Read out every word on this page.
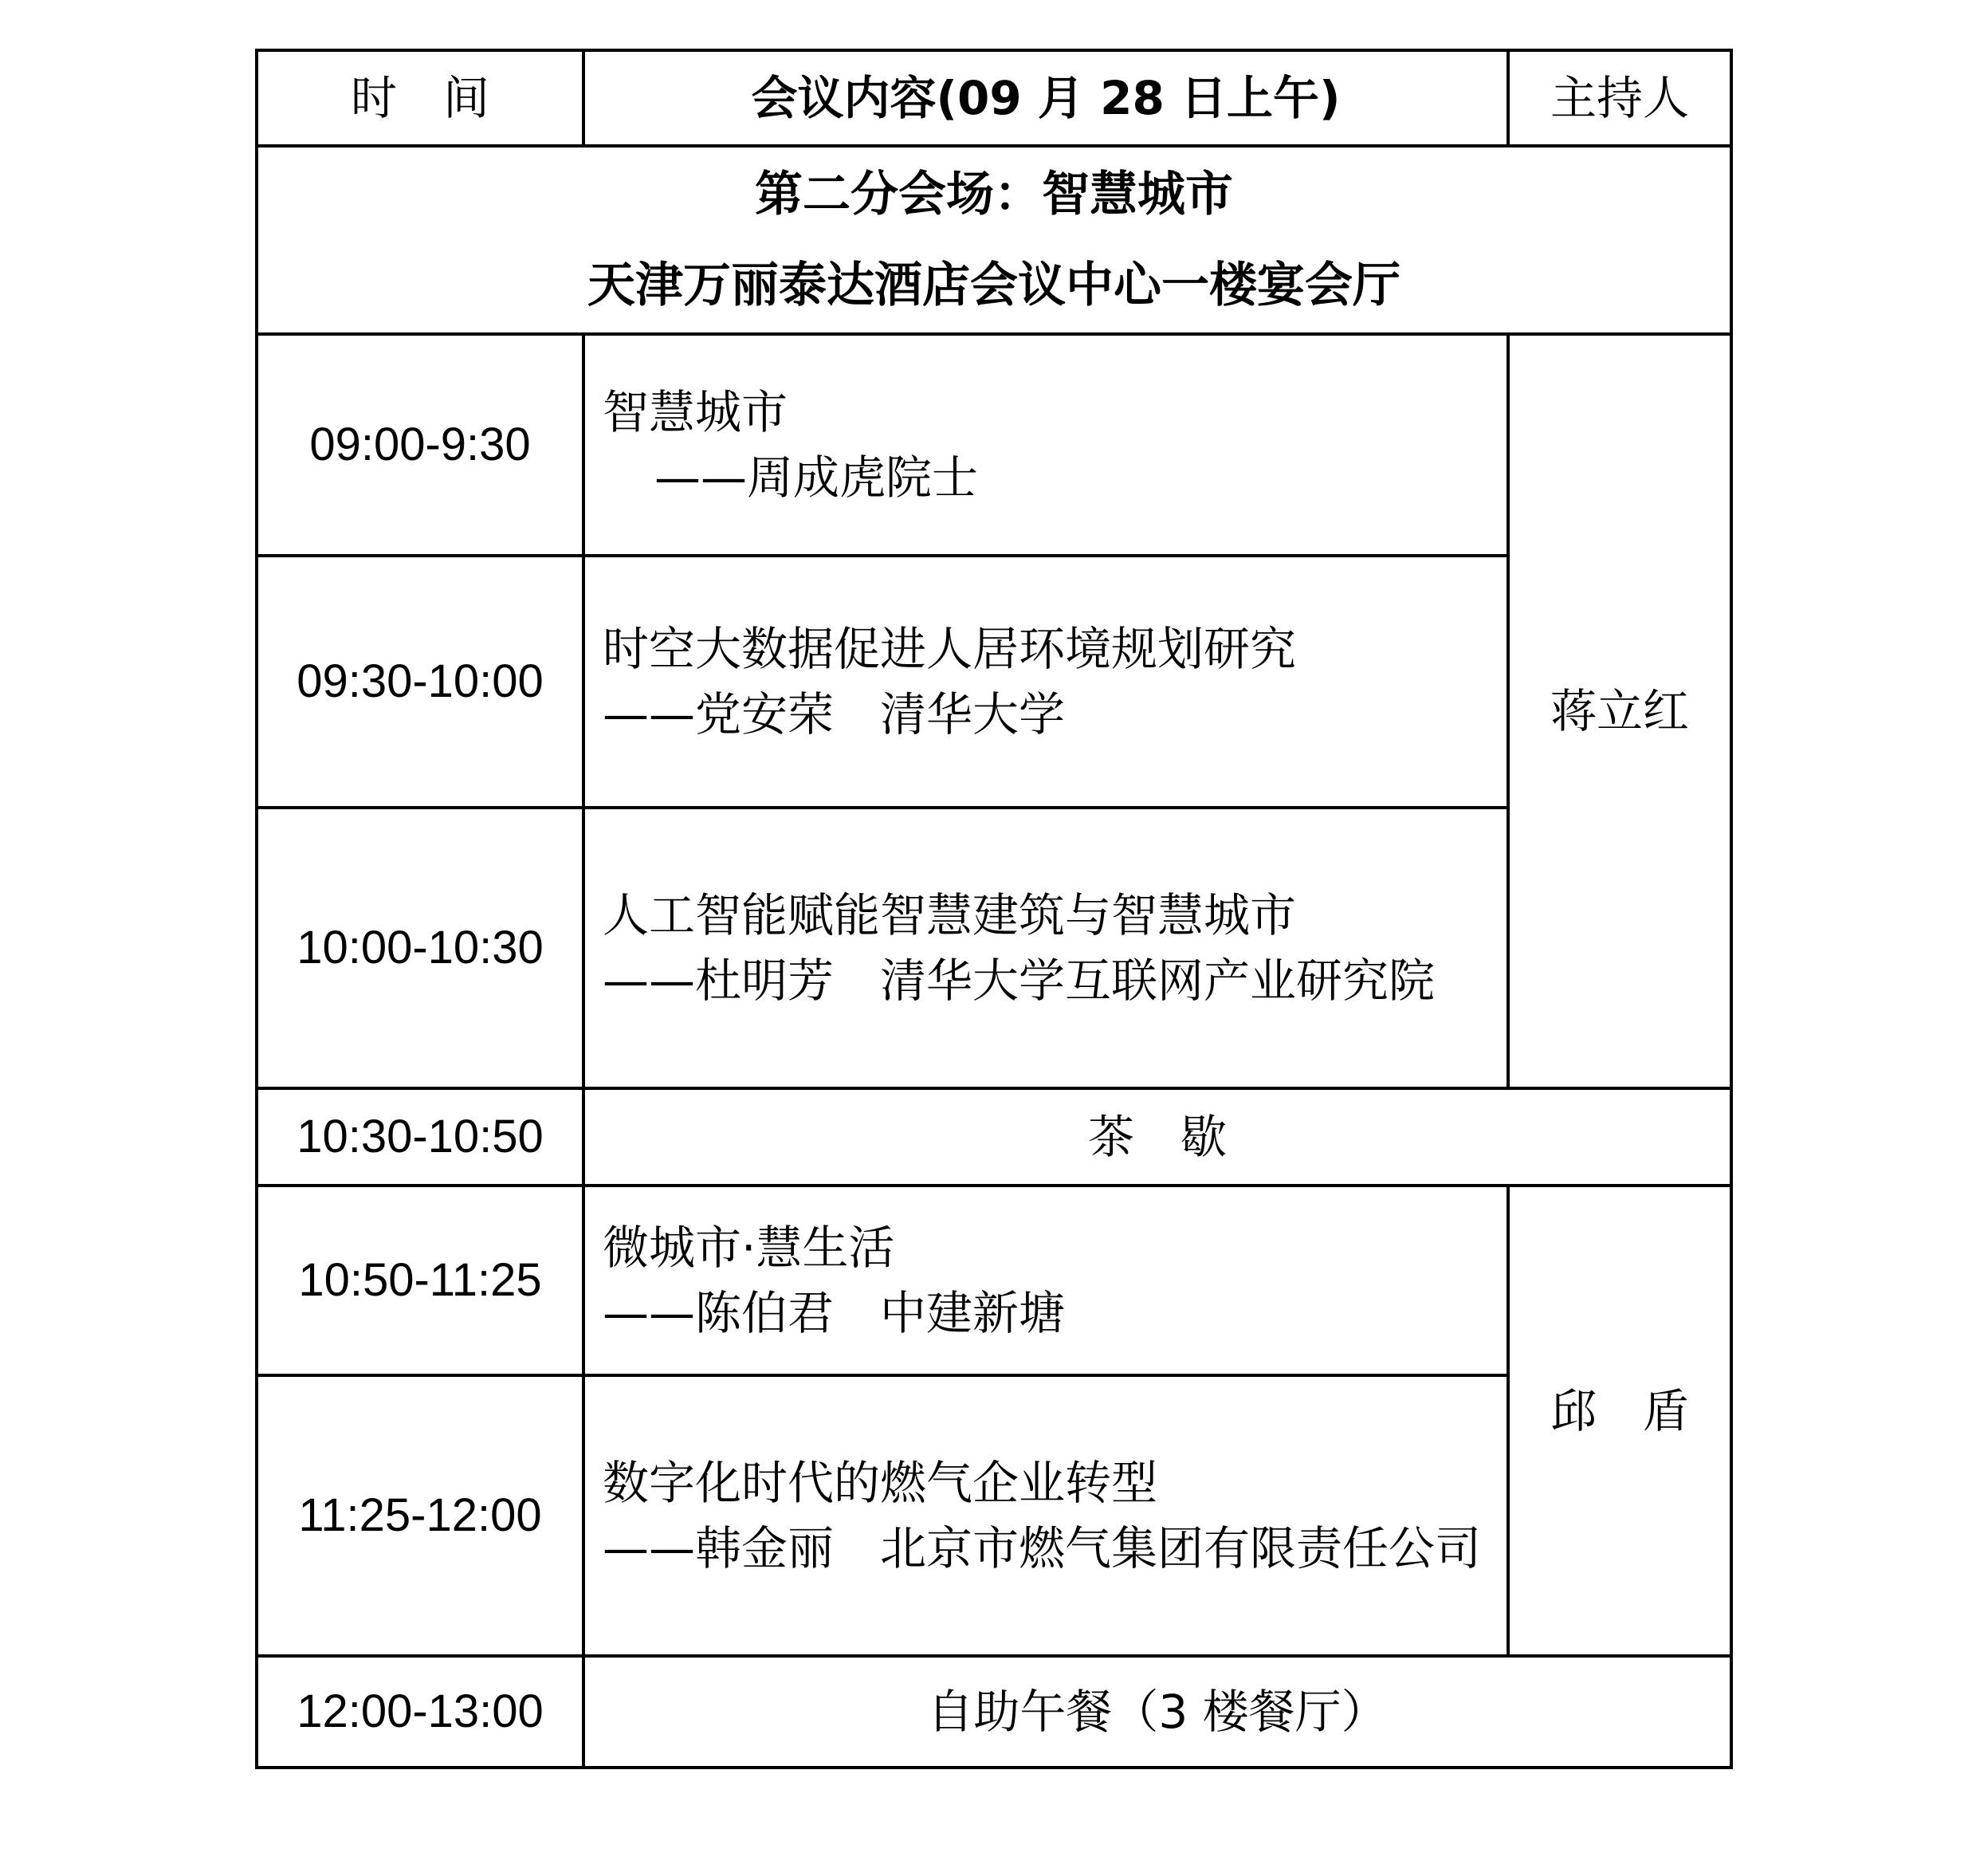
时　间	会议内容(09 月 28 日上午)	主持人

第二分会场：智慧城市
天津万丽泰达酒店会议中心一楼宴会厅		

09:00-9:30	智慧城市
——周成虎院士	蒋立红
09:30-10:00	时空大数据促进人居环境规划研究
——党安荣　清华大学	

10:00-10:30	人工智能赋能智慧建筑与智慧城市
——杜明芳　清华大学互联网产业研究院	

10:30-10:50	茶　歇	
10:50-11:25	微城市·慧生活
——陈伯君　中建新塘	邱　盾
11:25-12:00	数字化时代的燃气企业转型
——韩金丽　北京市燃气集团有限责任公司	

12:00-13:00	自助午餐（3 楼餐厅）	
